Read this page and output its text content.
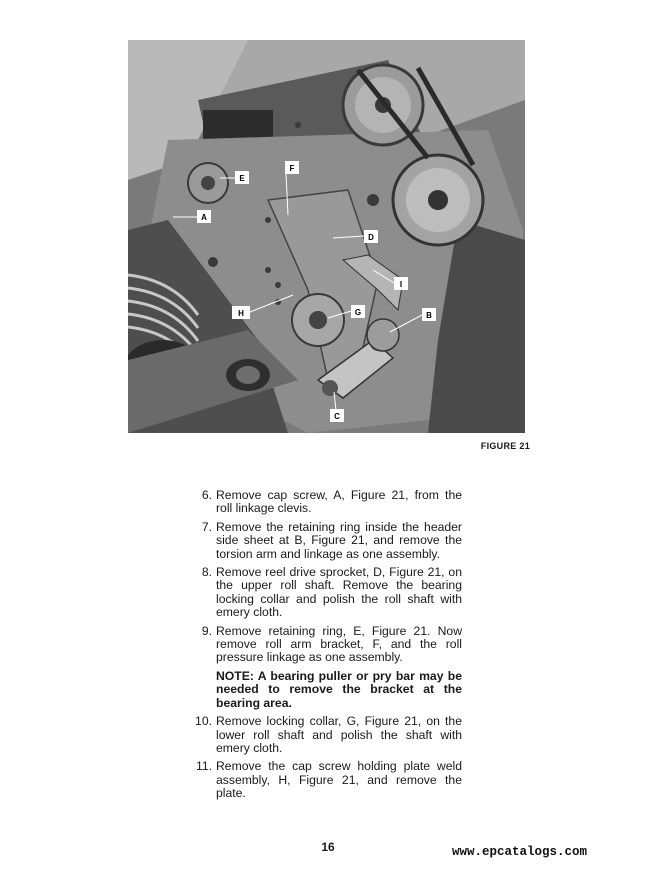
E
F
A
D
I
H	G	B
C
FIGURE 21
6. Remove cap screw, A, Figure 21, from the roll linkage clevis.
7. Remove the retaining ring inside the header side sheet at B, Figure 21, and remove the torsion arm and linkage as one assembly.
8. Remove reel drive sprocket, D, Figure 21, on the upper roll shaft. Remove the bearing locking collar and polish the roll shaft with emery cloth.
9. Remove retaining ring, E, Figure 21. Now remove roll arm bracket, F, and the roll pressure linkage as one assembly.
NOTE: A bearing puller or pry bar may be needed to remove the bracket at the bearing area.
10. Remove locking collar, G, Figure 21, on the lower roll shaft and polish the shaft with emery cloth.
11. Remove the cap screw holding plate weld assembly, H, Figure 21, and remove the plate.
16	www.epcatalogs.com
